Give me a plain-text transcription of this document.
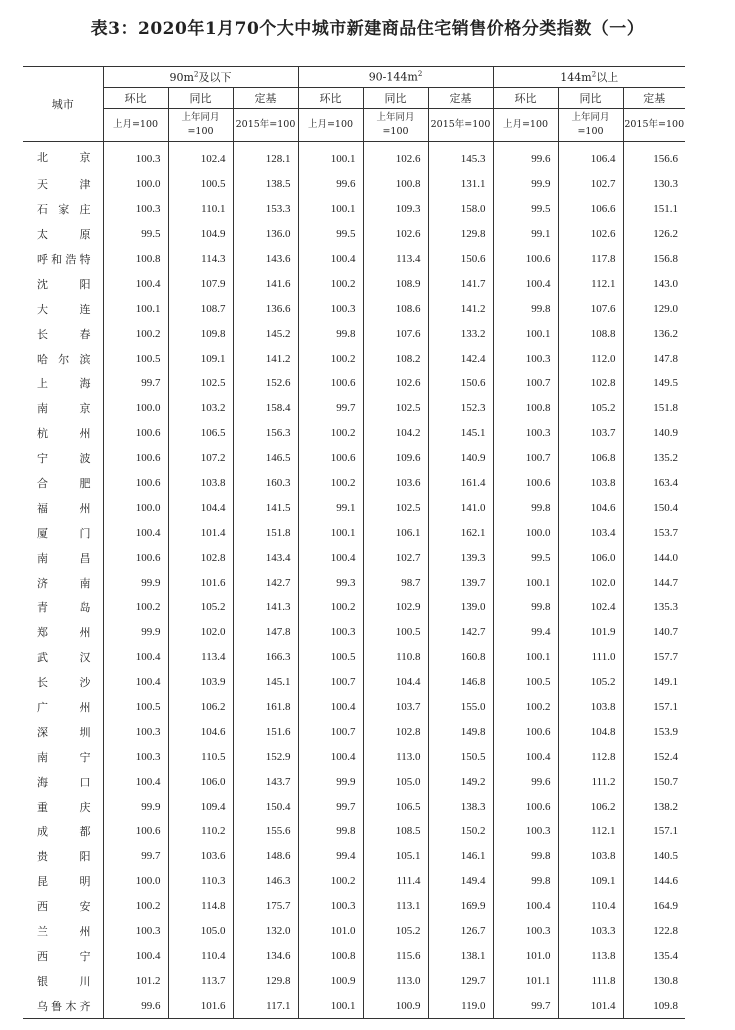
表3：2020年1月70个大中城市新建商品住宅销售价格分类指数（一）
城市	$90m^2$及以下			$90-144m^2$			$144m^2$以上		
	环比	同比	定基	环比	同比	定基	环比	同比	定基
	上月=100	上年同月=100	2015年=100	上月=100	上年同月=100	2015年=100	上月=100	上年同月=100	2015年=100
北京	100.3	102.4	128.1	100.1	102.6	145.3	99.6	106.4	156.6
天津	100.0	100.5	138.5	99.6	100.8	131.1	99.9	102.7	130.3
石家庄	100.3	110.1	153.3	100.1	109.3	158.0	99.5	106.6	151.1
太原	99.5	104.9	136.0	99.5	102.6	129.8	99.1	102.6	126.2
呼和浩特	100.8	114.3	143.6	100.4	113.4	150.6	100.6	117.8	156.8
沈阳	100.4	107.9	141.6	100.2	108.9	141.7	100.4	112.1	143.0
大连	100.1	108.7	136.6	100.3	108.6	141.2	99.8	107.6	129.0
长春	100.2	109.8	145.2	99.8	107.6	133.2	100.1	108.8	136.2
哈尔滨	100.5	109.1	141.2	100.2	108.2	142.4	100.3	112.0	147.8
上海	99.7	102.5	152.6	100.6	102.6	150.6	100.7	102.8	149.5
南京	100.0	103.2	158.4	99.7	102.5	152.3	100.8	105.2	151.8
杭州	100.6	106.5	156.3	100.2	104.2	145.1	100.3	103.7	140.9
宁波	100.6	107.2	146.5	100.6	109.6	140.9	100.7	106.8	135.2
合肥	100.6	103.8	160.3	100.2	103.6	161.4	100.6	103.8	163.4
福州	100.0	104.4	141.5	99.1	102.5	141.0	99.8	104.6	150.4
厦门	100.4	101.4	151.8	100.1	106.1	162.1	100.0	103.4	153.7
南昌	100.6	102.8	143.4	100.4	102.7	139.3	99.5	106.0	144.0
济南	99.9	101.6	142.7	99.3	98.7	139.7	100.1	102.0	144.7
青岛	100.2	105.2	141.3	100.2	102.9	139.0	99.8	102.4	135.3
郑州	99.9	102.0	147.8	100.3	100.5	142.7	99.4	101.9	140.7
武汉	100.4	113.4	166.3	100.5	110.8	160.8	100.1	111.0	157.7
长沙	100.4	103.9	145.1	100.7	104.4	146.8	100.5	105.2	149.1
广州	100.5	106.2	161.8	100.4	103.7	155.0	100.2	103.8	157.1
深圳	100.3	104.6	151.6	100.7	102.8	149.8	100.6	104.8	153.9
南宁	100.3	110.5	152.9	100.4	113.0	150.5	100.4	112.8	152.4
海口	100.4	106.0	143.7	99.9	105.0	149.2	99.6	111.2	150.7
重庆	99.9	109.4	150.4	99.7	106.5	138.3	100.6	106.2	138.2
成都	100.6	110.2	155.6	99.8	108.5	150.2	100.3	112.1	157.1
贵阳	99.7	103.6	148.6	99.4	105.1	146.1	99.8	103.8	140.5
昆明	100.0	110.3	146.3	100.2	111.4	149.4	99.8	109.1	144.6
西安	100.2	114.8	175.7	100.3	113.1	169.9	100.4	110.4	164.9
兰州	100.3	105.0	132.0	101.0	105.2	126.7	100.3	103.3	122.8
西宁	100.4	110.4	134.6	100.8	115.6	138.1	101.0	113.8	135.4
银川	101.2	113.7	129.8	100.9	113.0	129.7	101.1	111.8	130.8
乌鲁木齐	99.6	101.6	117.1	100.1	100.9	119.0	99.7	101.4	109.8
